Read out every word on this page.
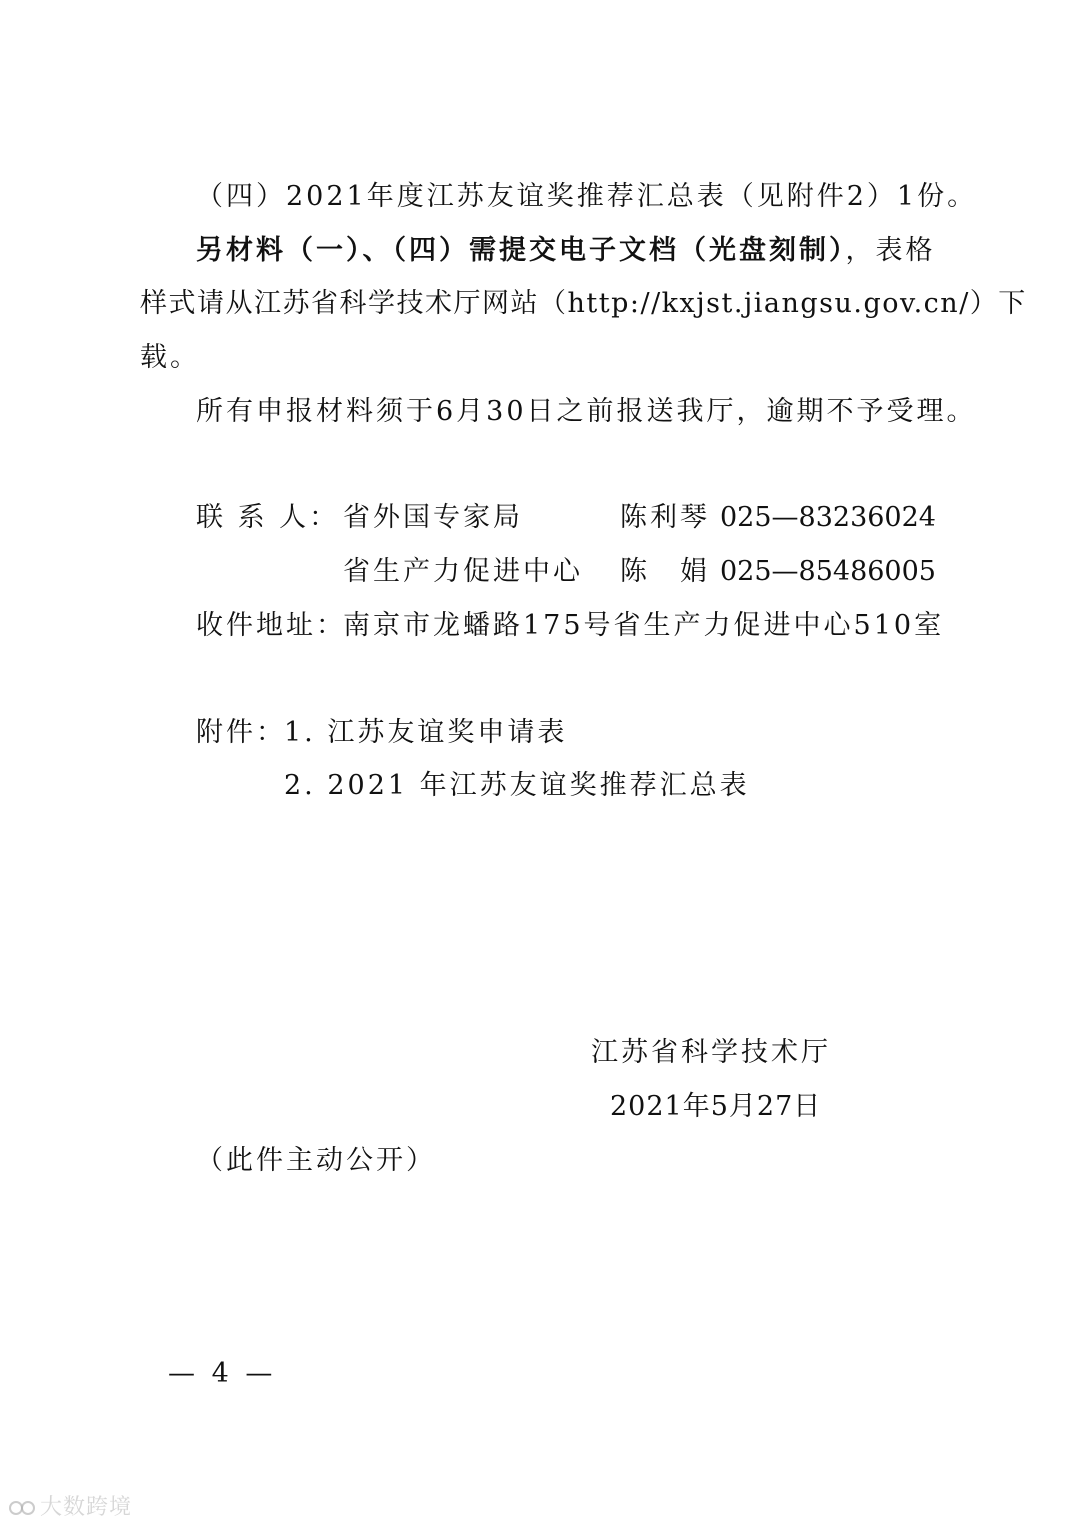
（四）2021年度江苏友谊奖推荐汇总表（见附件2）1份。
另材料（一）、（四）需提交电子文档（光盘刻制），表格
样式请从江苏省科学技术厅网站（http://kxjst.jiangsu.gov.cn/）下
载。
所有申报材料须于6月30日之前报送我厅，逾期不予受理。
联 系 人： 省外国专家局	陈利琴 025—83236024
省生产力促进中心 陈　娟 025—85486005
收件地址：
南京市龙蟠路175号省生产力促进中心510室
附件：
1. 江苏友谊奖申请表
2. 2021 年江苏友谊奖推荐汇总表
江苏省科学技术厅
2021年5月27日
（此件主动公开）
— 4 —
大数跨境
